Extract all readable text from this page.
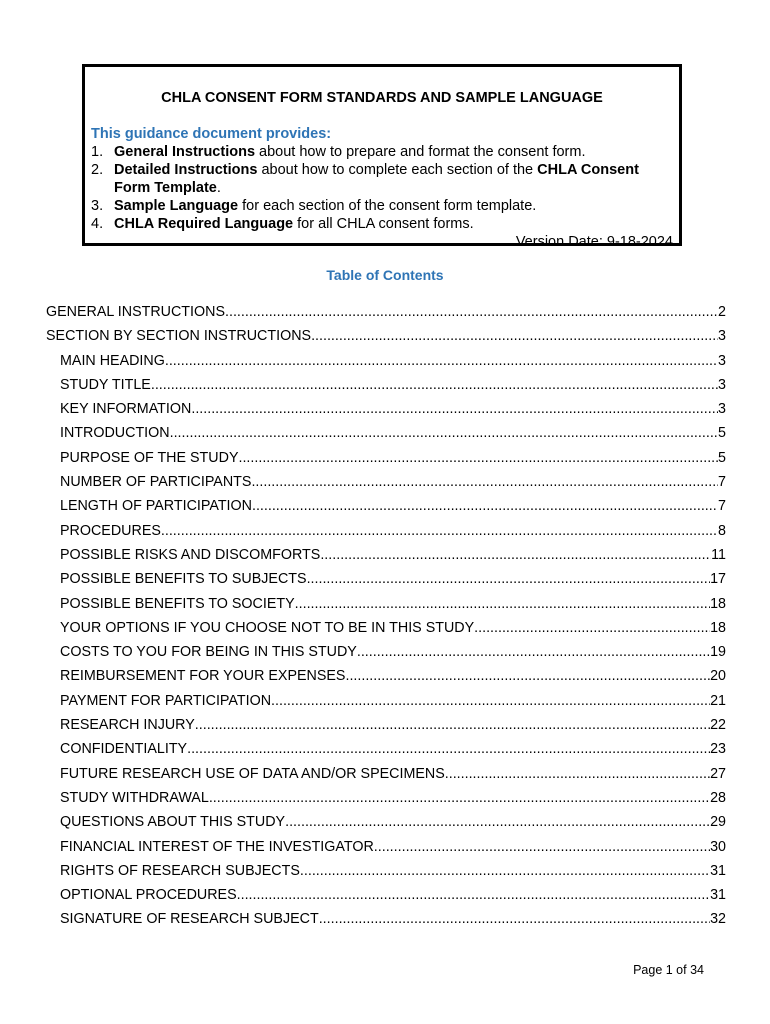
CHLA CONSENT FORM STANDARDS AND SAMPLE LANGUAGE

This guidance document provides:

1. General Instructions about how to prepare and format the consent form.
2. Detailed Instructions about how to complete each section of the CHLA Consent Form Template.
3. Sample Language for each section of the consent form template.
4. CHLA Required Language for all CHLA consent forms.

Version Date: 9-18-2024

Table of Contents

GENERAL INSTRUCTIONS .....	2
SECTION BY SECTION INSTRUCTIONS .....	3
MAIN HEADING .....	3
STUDY TITLE .....	3
KEY INFORMATION .....	3
INTRODUCTION .....	5
PURPOSE OF THE STUDY .....	5
NUMBER OF PARTICIPANTS .....	7
LENGTH OF PARTICIPATION .....	7
PROCEDURES .....	8
POSSIBLE RISKS AND DISCOMFORTS .....	11
POSSIBLE BENEFITS TO SUBJECTS .....	17
POSSIBLE BENEFITS TO SOCIETY .....	18
YOUR OPTIONS IF YOU CHOOSE NOT TO BE IN THIS STUDY .....	18
COSTS TO YOU FOR BEING IN THIS STUDY .....	19
REIMBURSEMENT FOR YOUR EXPENSES .....	20
PAYMENT FOR PARTICIPATION .....	21
RESEARCH INJURY .....	22
CONFIDENTIALITY .....	23
FUTURE RESEARCH USE OF DATA AND/OR SPECIMENS .....	27
STUDY WITHDRAWAL .....	28
QUESTIONS ABOUT THIS STUDY .....	29
FINANCIAL INTEREST OF THE INVESTIGATOR .....	30
RIGHTS OF RESEARCH SUBJECTS .....	31
OPTIONAL PROCEDURES .....	31
SIGNATURE OF RESEARCH SUBJECT .....	32

Page 1 of 34
